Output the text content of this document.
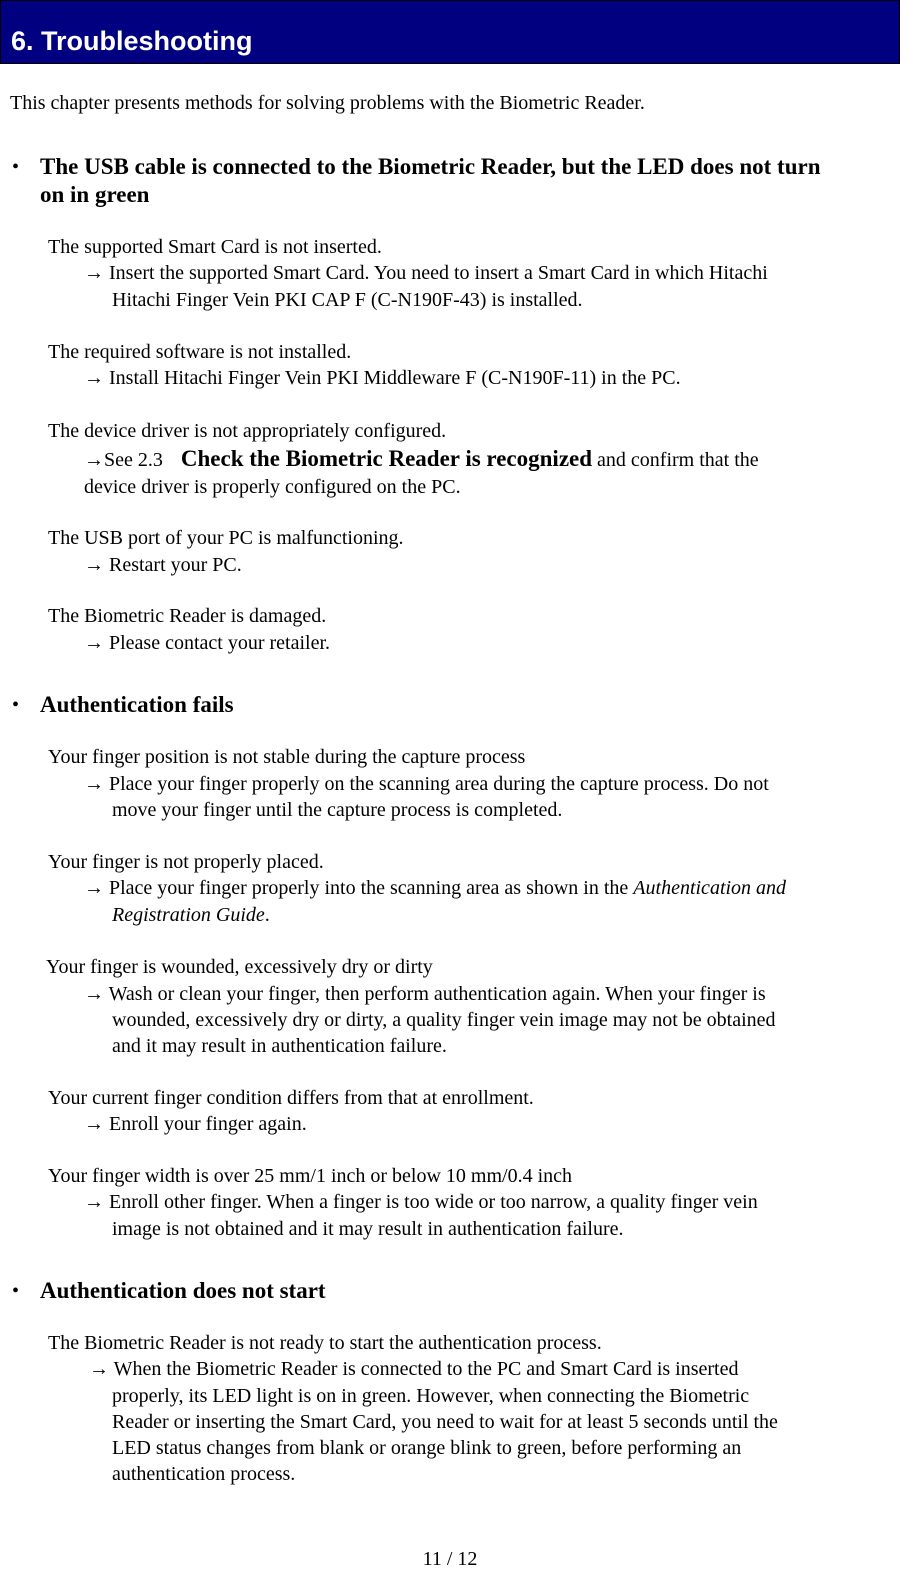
6. Troubleshooting
This chapter presents methods for solving problems with the Biometric Reader.
• The USB cable is connected to the Biometric Reader, but the LED does not turn
on in green
The supported Smart Card is not inserted.
→ Insert the supported Smart Card. You need to insert a Smart Card in which Hitachi
Hitachi Finger Vein PKI CAP F (C-N190F-43) is installed.
The required software is not installed.
→ Install Hitachi Finger Vein PKI Middleware F (C-N190F-11) in the PC.
The device driver is not appropriately configured.
→See 2.3 Check the Biometric Reader is recognized and confirm that the
device driver is properly configured on the PC.
The USB port of your PC is malfunctioning.
→ Restart your PC.
The Biometric Reader is damaged.
→ Please contact your retailer.
• Authentication fails
Your finger position is not stable during the capture process
→ Place your finger properly on the scanning area during the capture process. Do not
move your finger until the capture process is completed.
Your finger is not properly placed.
→ Place your finger properly into the scanning area as shown in the Authentication and
Registration Guide.
Your finger is wounded, excessively dry or dirty
→ Wash or clean your finger, then perform authentication again. When your finger is
wounded, excessively dry or dirty, a quality finger vein image may not be obtained
and it may result in authentication failure.
Your current finger condition differs from that at enrollment.
→ Enroll your finger again.
Your finger width is over 25 mm/1 inch or below 10 mm/0.4 inch
→ Enroll other finger. When a finger is too wide or too narrow, a quality finger vein
image is not obtained and it may result in authentication failure.
• Authentication does not start
The Biometric Reader is not ready to start the authentication process.
→ When the Biometric Reader is connected to the PC and Smart Card is inserted
properly, its LED light is on in green. However, when connecting the Biometric
Reader or inserting the Smart Card, you need to wait for at least 5 seconds until the
LED status changes from blank or orange blink to green, before performing an
authentication process.
11 / 12
